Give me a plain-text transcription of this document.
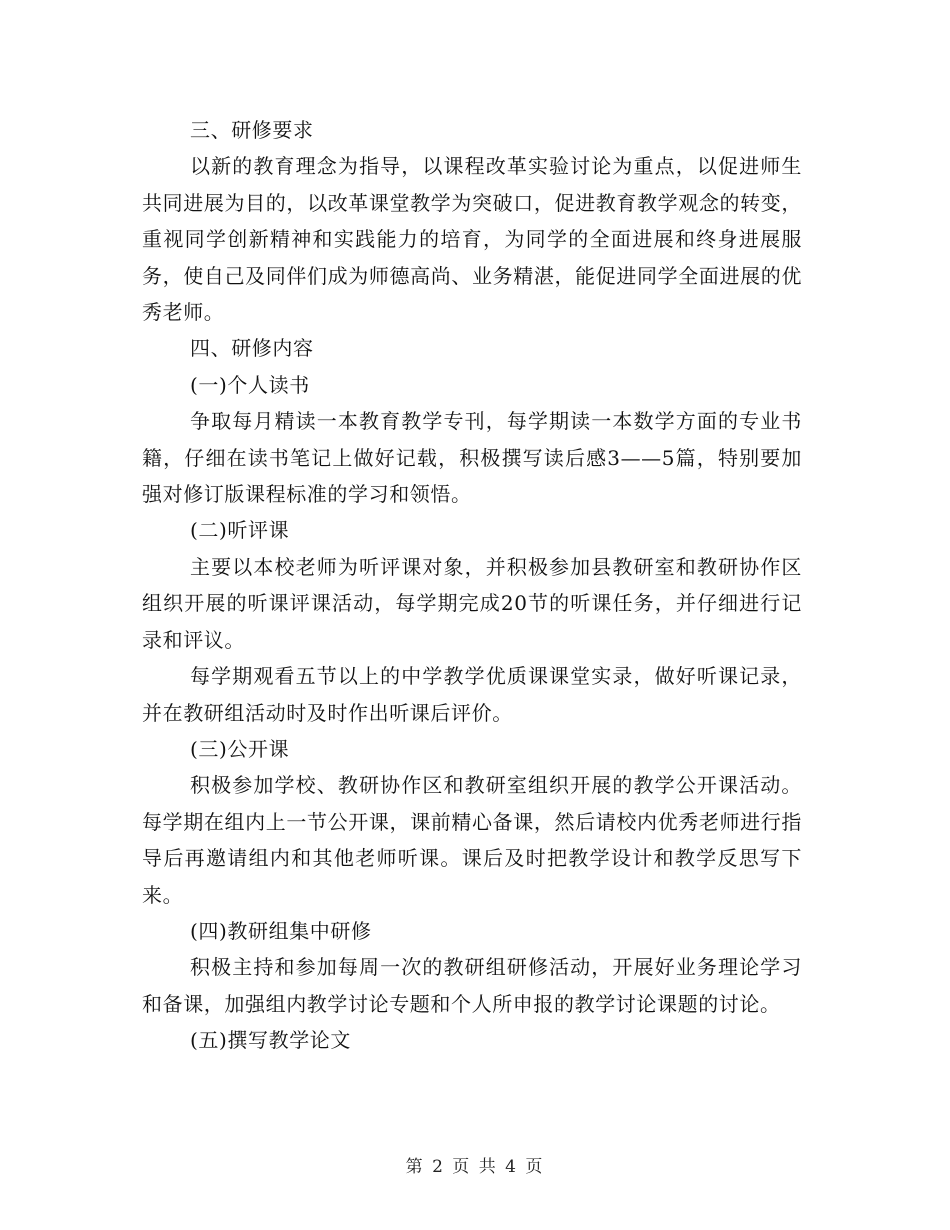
三、研修要求

以新的教育理念为指导，以课程改革实验讨论为重点，以促进师生共同进展为目的，以改革课堂教学为突破口，促进教育教学观念的转变，重视同学创新精神和实践能力的培育，为同学的全面进展和终身进展服务，使自己及同伴们成为师德高尚、业务精湛，能促进同学全面进展的优秀老师。

四、研修内容

(一)个人读书

争取每月精读一本教育教学专刊，每学期读一本数学方面的专业书籍，仔细在读书笔记上做好记载，积极撰写读后感3——5篇，特别要加强对修订版课程标准的学习和领悟。

(二)听评课

主要以本校老师为听评课对象，并积极参加县教研室和教研协作区组织开展的听课评课活动，每学期完成20节的听课任务，并仔细进行记录和评议。

每学期观看五节以上的中学教学优质课课堂实录，做好听课记录，并在教研组活动时及时作出听课后评价。

(三)公开课

积极参加学校、教研协作区和教研室组织开展的教学公开课活动。每学期在组内上一节公开课，课前精心备课，然后请校内优秀老师进行指导后再邀请组内和其他老师听课。课后及时把教学设计和教学反思写下来。

(四)教研组集中研修

积极主持和参加每周一次的教研组研修活动，开展好业务理论学习和备课，加强组内教学讨论专题和个人所申报的教学讨论课题的讨论。

(五)撰写教学论文

第 2 页 共 4 页
